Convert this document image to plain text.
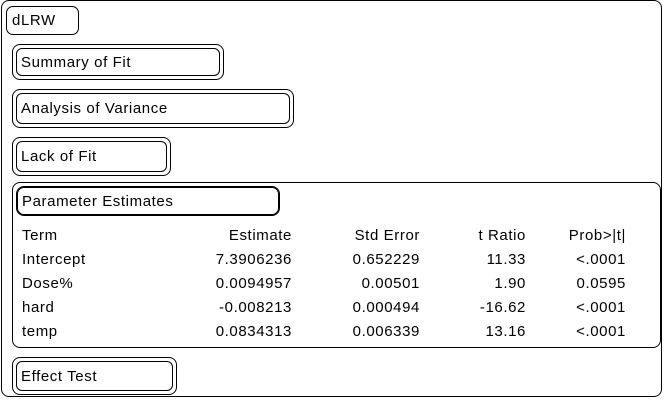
dLRW
Summary of Fit
Analysis of Variance
Lack of Fit
Parameter Estimates
Term	Estimate	Std Error	t Ratio	Prob>|t|
Intercept	7.3906236	0.652229	11.33	<.0001
Dose%	0.0094957	0.00501	1.90	0.0595
hard	-0.008213	0.000494	-16.62	<.0001
temp	0.0834313	0.006339	13.16	<.0001
Effect Test
